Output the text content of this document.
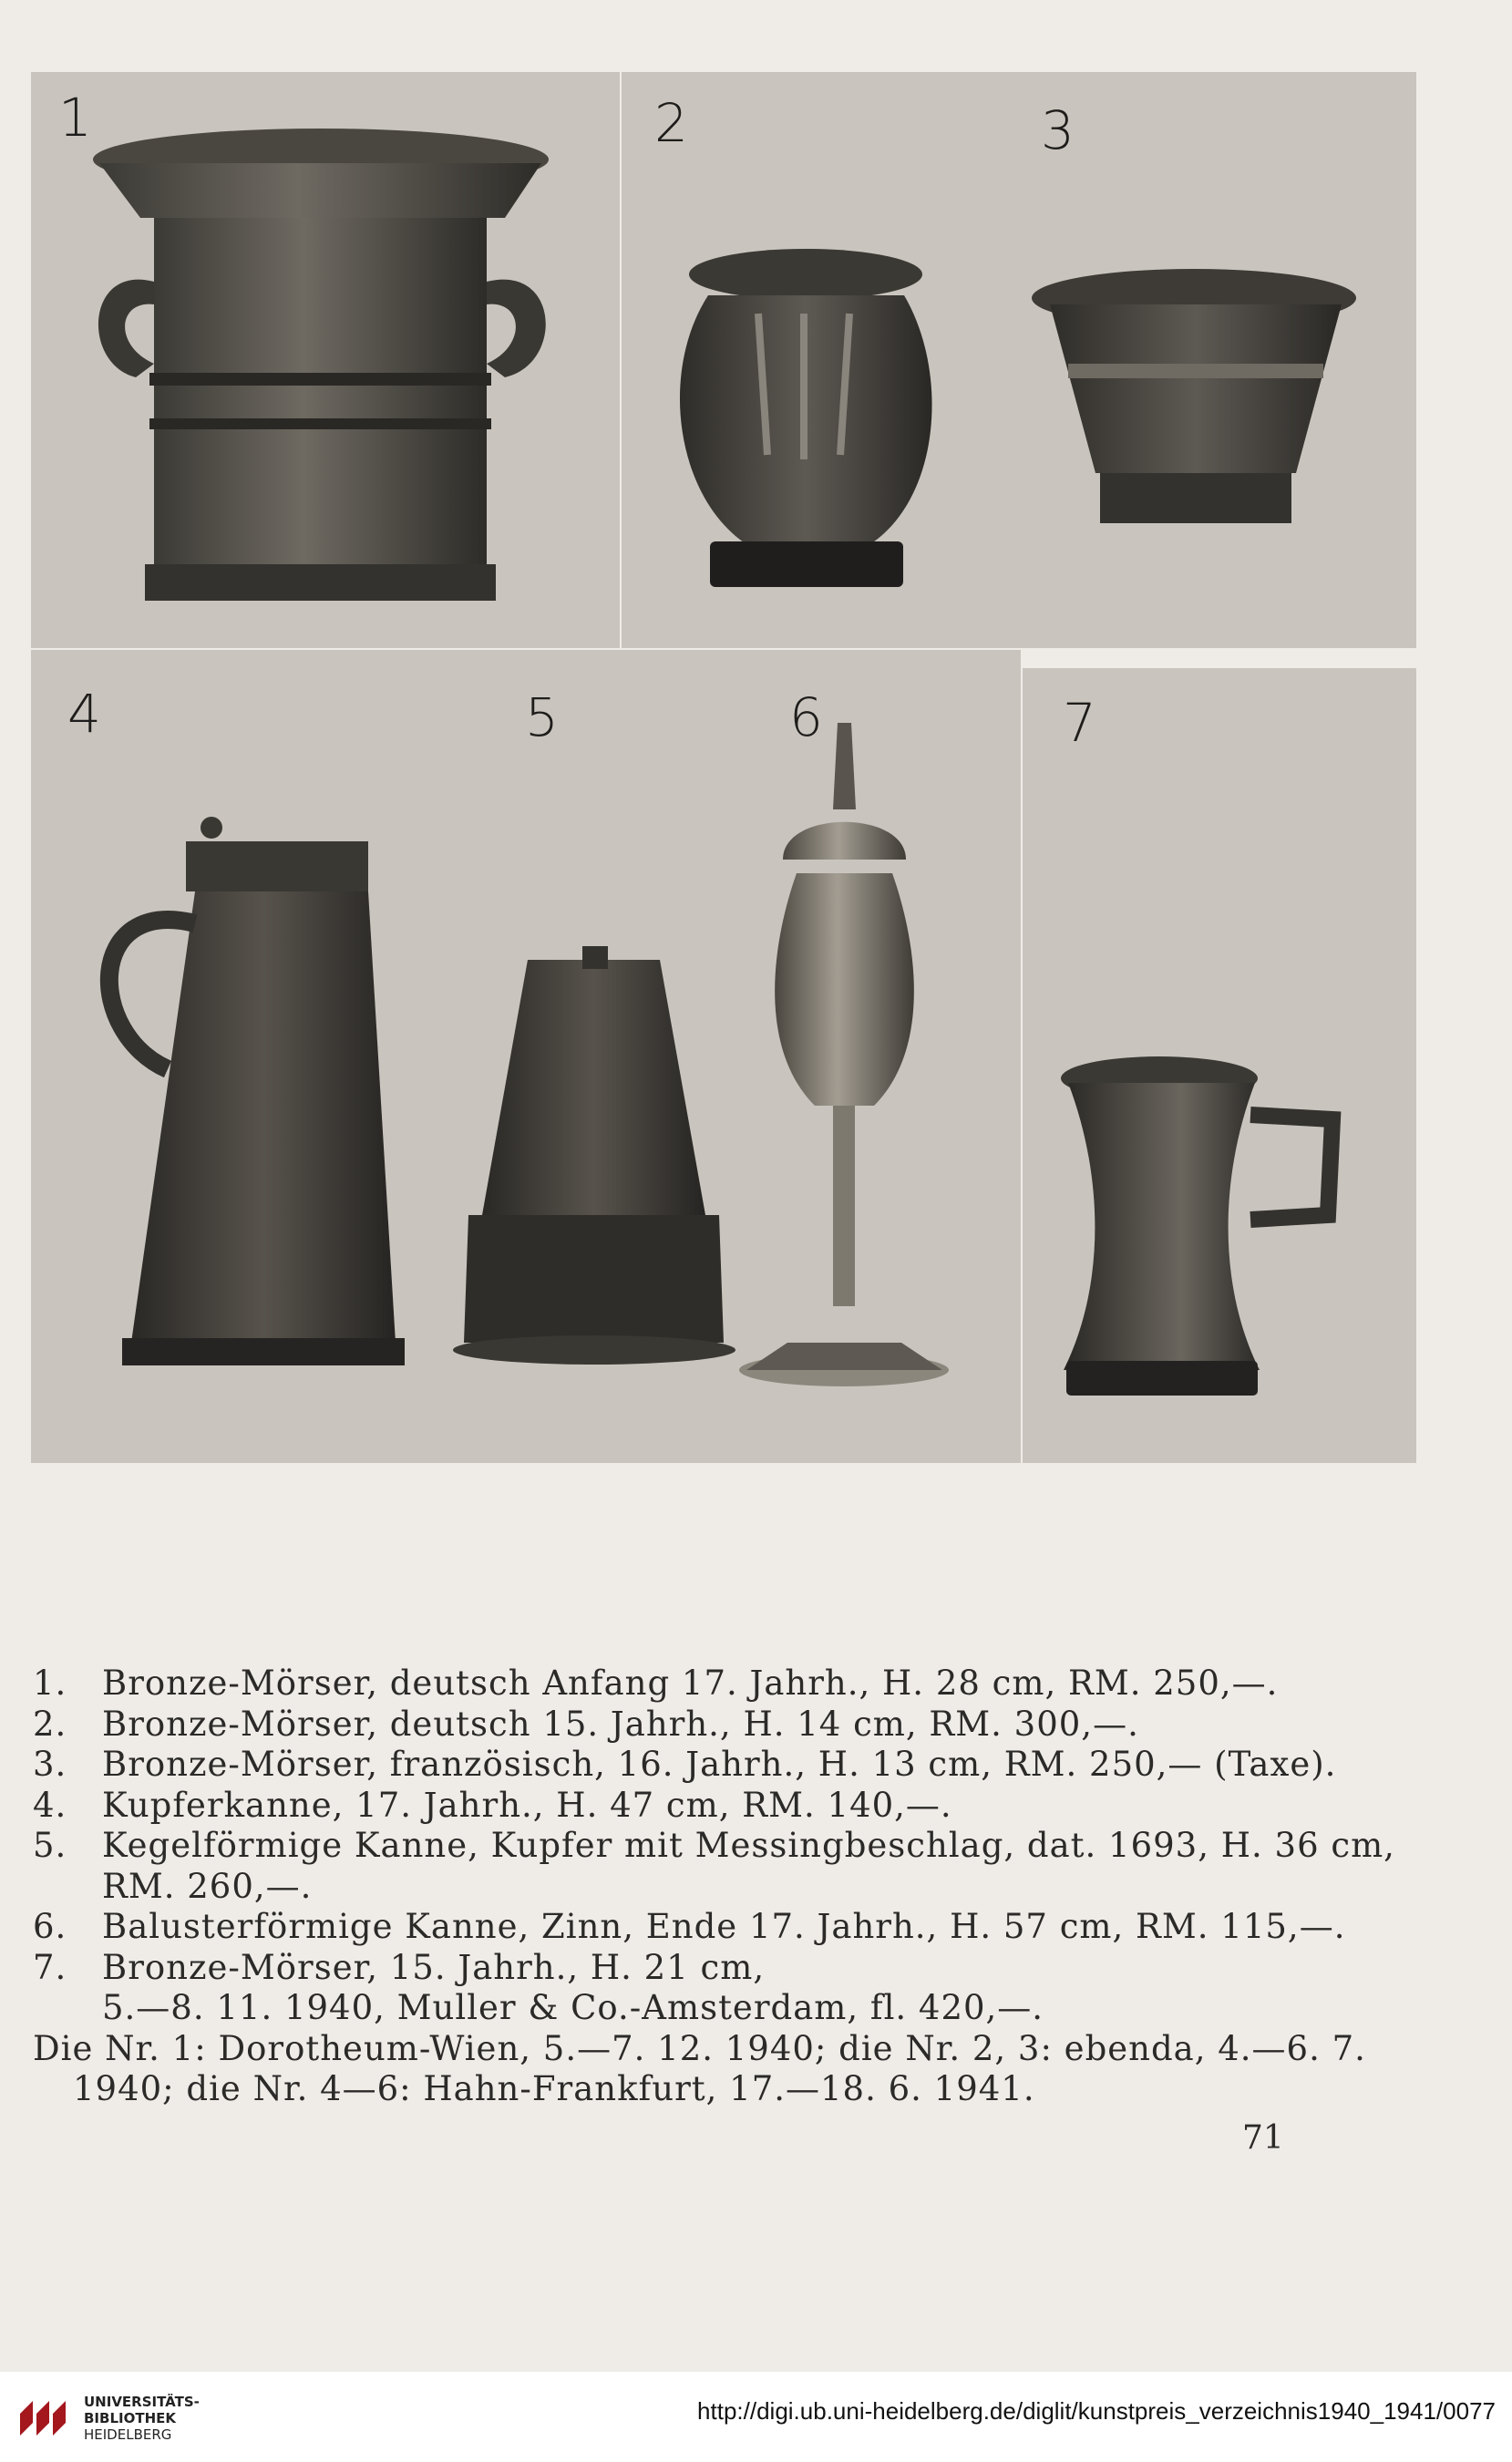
1	2	3
4	5	6	7
1.	Bronze-Mörser, deutsch Anfang 17. Jahrh., H. 28 cm, RM. 250,—.
2.	Bronze-Mörser, deutsch 15. Jahrh., H. 14 cm, RM. 300,—.
3.	Bronze-Mörser, französisch, 16. Jahrh., H. 13 cm, RM. 250,— (Taxe).
4.	Kupferkanne, 17. Jahrh., H. 47 cm, RM. 140,—.
5.	Kegelförmige Kanne, Kupfer mit Messingbeschlag, dat. 1693, H. 36 cm,
RM. 260,—.
6.	Balusterförmige Kanne, Zinn, Ende 17. Jahrh., H. 57 cm, RM. 115,—.
7.	Bronze-Mörser, 15. Jahrh., H. 21 cm,
5.—8. 11. 1940, Muller & Co.-Amsterdam, fl. 420,—.
Die Nr. 1: Dorotheum-Wien, 5.—7. 12. 1940; die Nr. 2, 3: ebenda, 4.—6. 7.
1940; die Nr. 4—6: Hahn-Frankfurt, 17.—18. 6. 1941.
71
UNIVERSITÄTS-
BIBLIOTHEK
HEIDELBERG
http://digi.ub.uni-heidelberg.de/diglit/kunstpreis_verzeichnis1940_1941/0077
